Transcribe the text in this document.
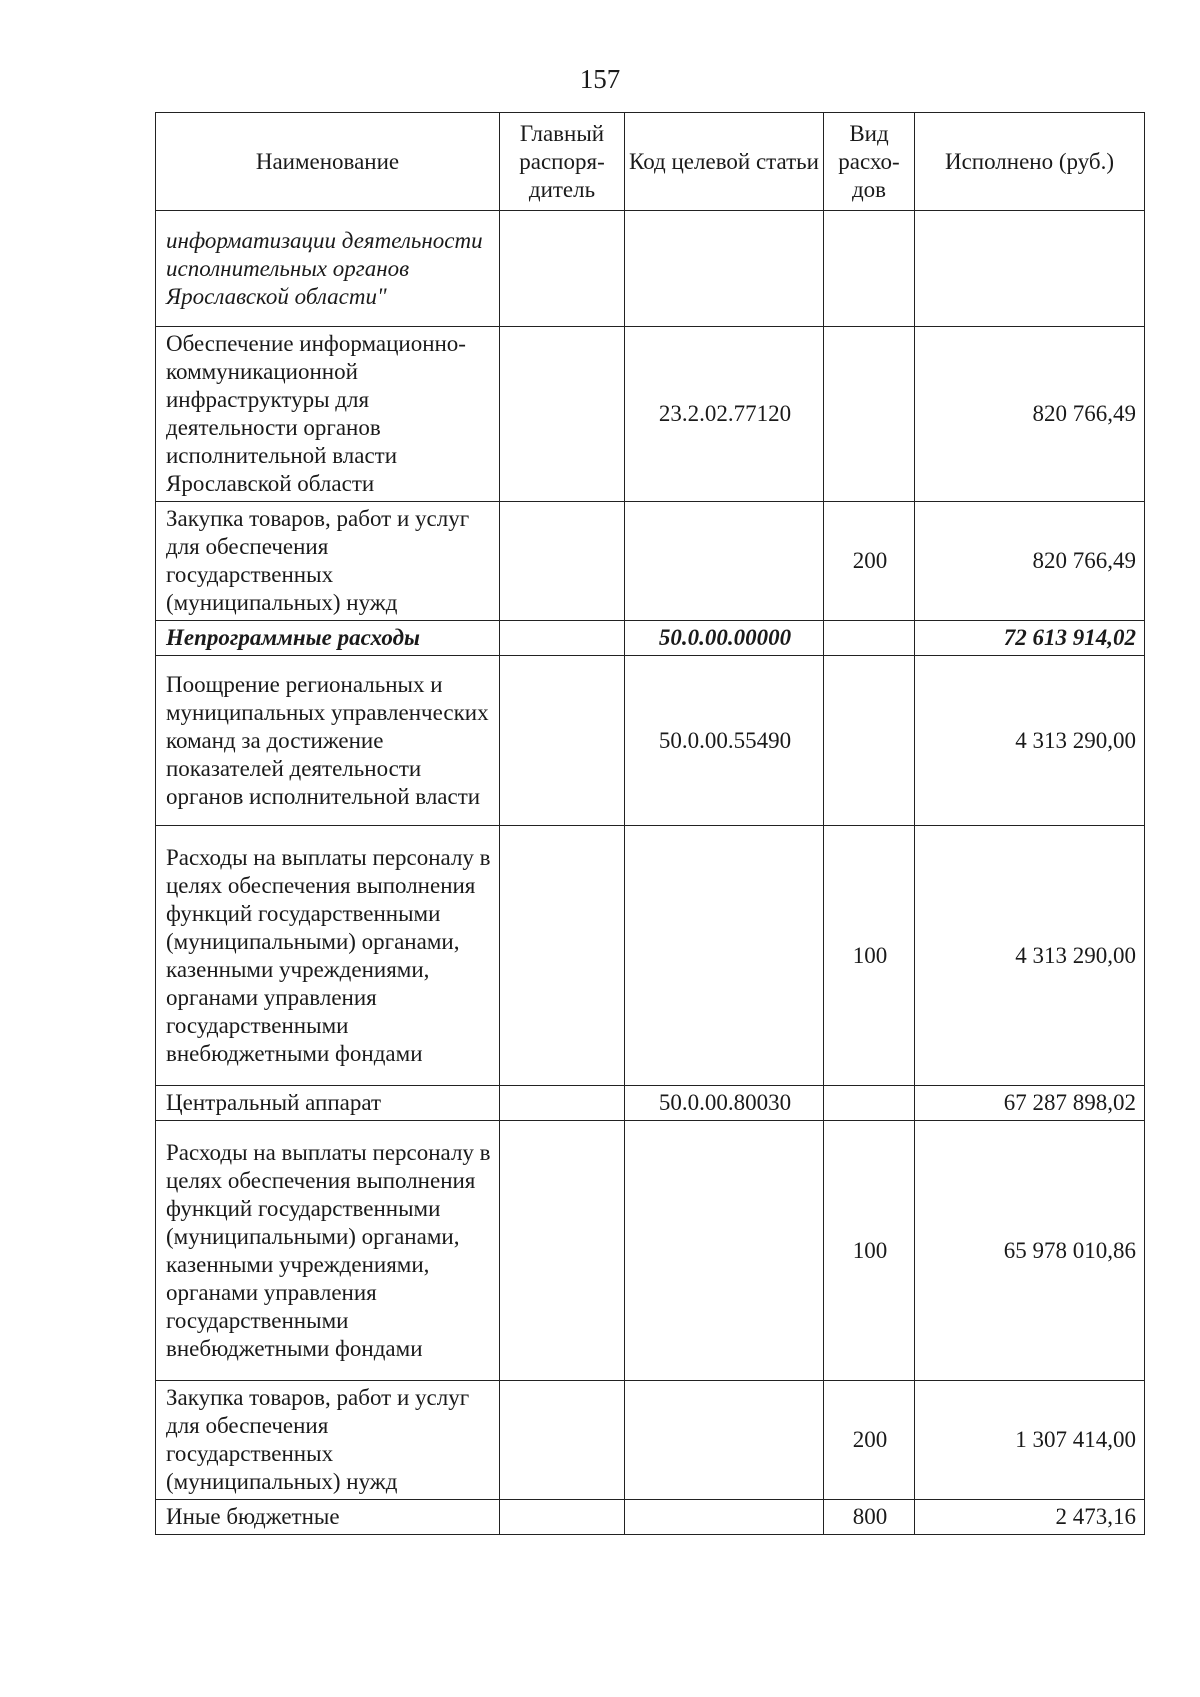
157
Наименование	Главный распоря-дитель	Код целевой статьи	Вид расхо-дов	Исполнено (руб.)
информатизации деятельности исполнительных органов Ярославской области"				
Обеспечение информационно-коммуникационной инфраструктуры для деятельности органов исполнительной власти Ярославской области		23.2.02.77120		820 766,49
Закупка товаров, работ и услуг для обеспечения государственных (муниципальных) нужд			200	820 766,49
Непрограммные расходы		50.0.00.00000		72 613 914,02
Поощрение региональных и муниципальных управленческих команд за достижение показателей деятельности органов исполнительной власти		50.0.00.55490		4 313 290,00
Расходы на выплаты персоналу в целях обеспечения выполнения функций государственными (муниципальными) органами, казенными учреждениями, органами управления государственными внебюджетными фондами			100	4 313 290,00
Центральный аппарат		50.0.00.80030		67 287 898,02
Расходы на выплаты персоналу в целях обеспечения выполнения функций государственными (муниципальными) органами, казенными учреждениями, органами управления государственными внебюджетными фондами			100	65 978 010,86
Закупка товаров, работ и услуг для обеспечения государственных (муниципальных) нужд			200	1 307 414,00
Иные бюджетные			800	2 473,16
